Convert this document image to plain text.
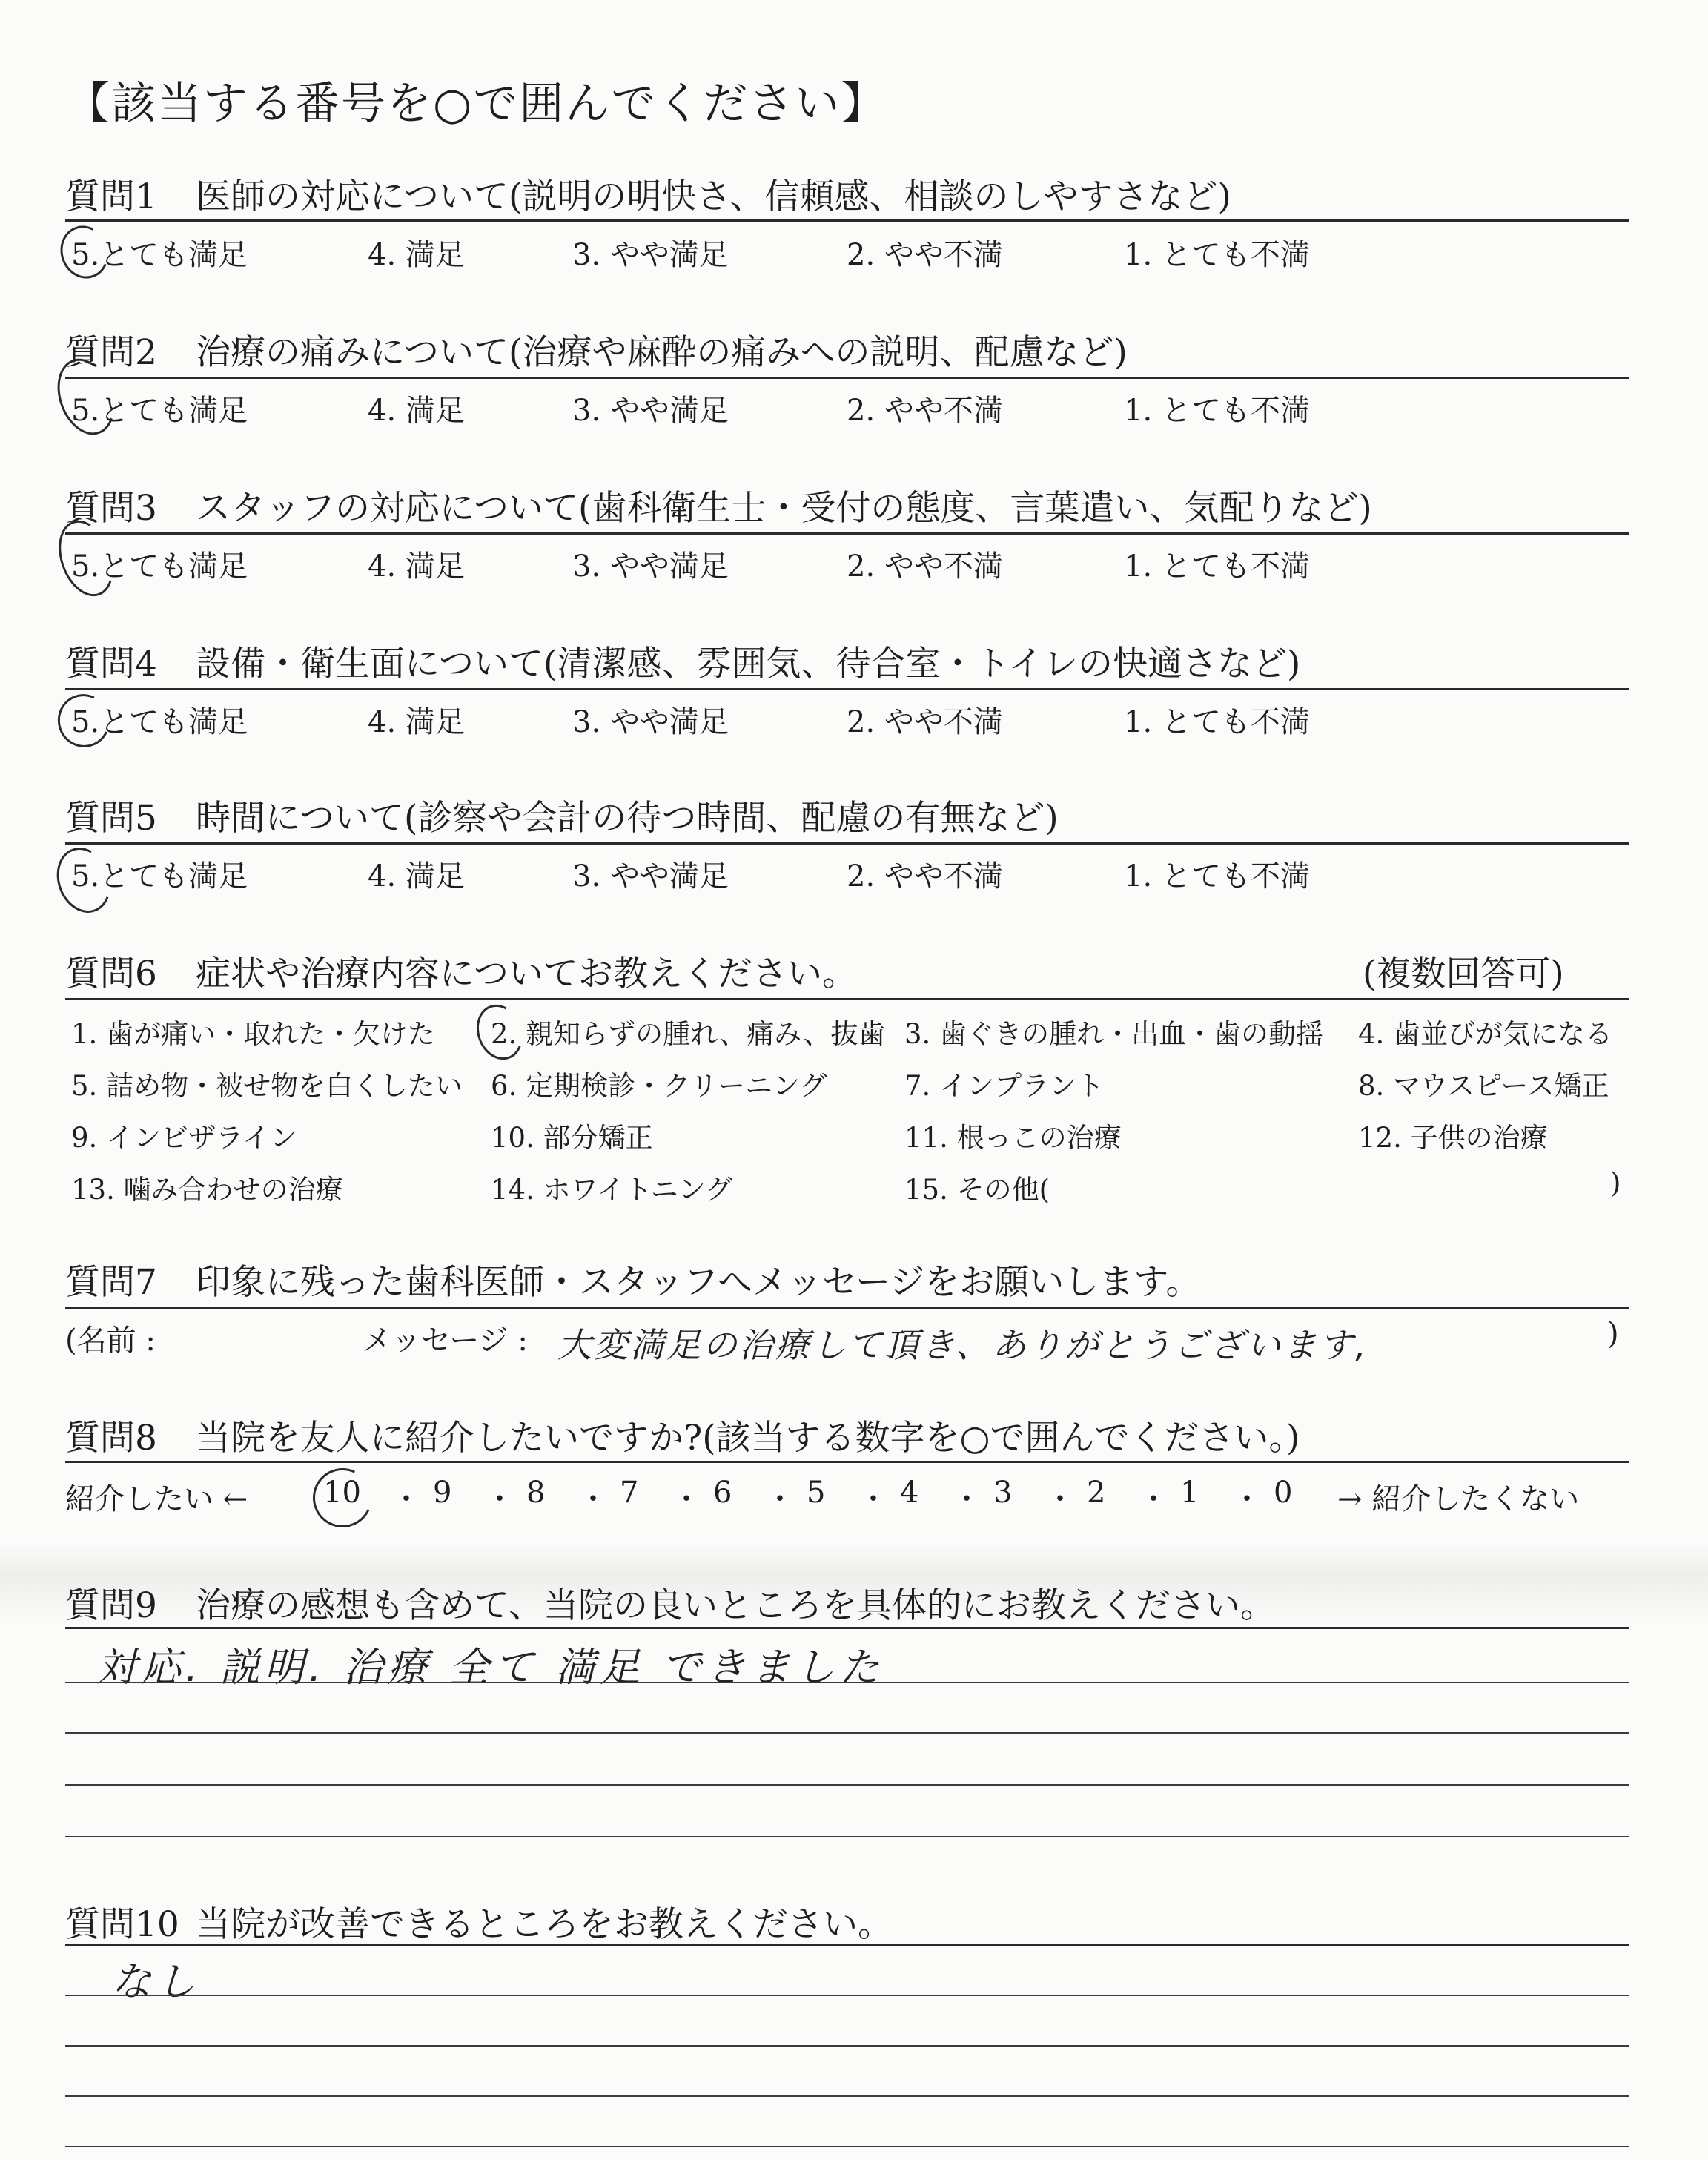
【該当する番号を○で囲んでください】
質問1 医師の対応について(説明の明快さ、信頼感、相談のしやすさなど)
5.とても満足	4. 満足	3. やや満足	2. やや不満	1. とても不満
質問2 治療の痛みについて(治療や麻酔の痛みへの説明、配慮など)
5.とても満足	4. 満足	3. やや満足	2. やや不満	1. とても不満
質問3 スタッフの対応について(歯科衛生士・受付の態度、言葉遣い、気配りなど)
5.とても満足	4. 満足	3. やや満足	2. やや不満	1. とても不満
質問4 設備・衛生面について(清潔感、雰囲気、待合室・トイレの快適さなど)
5.とても満足	4. 満足	3. やや満足	2. やや不満	1. とても不満
質問5 時間について(診察や会計の待つ時間、配慮の有無など)
5.とても満足	4. 満足	3. やや満足	2. やや不満	1. とても不満
質問6 症状や治療内容についてお教えください。	(複数回答可)
1. 歯が痛い・取れた・欠けた 2. 親知らずの腫れ、痛み、抜歯 3. 歯ぐきの腫れ・出血・歯の動揺 4. 歯並びが気になる
5. 詰め物・被せ物を白くしたい 6. 定期検診・クリーニング	7. インプラント	8. マウスピース矯正
9. インビザライン	10. 部分矯正	11. 根っこの治療	12. 子供の治療
13. 噛み合わせの治療	14. ホワイトニング	15. その他(	)
質問7 印象に残った歯科医師・スタッフへメッセージをお願いします。
(名前 :	メッセージ : 大変満足の治療して頂き、ありがとうございます,	)
質問8 当院を友人に紹介したいですか?(該当する数字を○で囲んでください。)
紹介したい ←	10 ・ 9 ・ 8 ・ 7 ・ 6 ・ 5 ・ 4 ・ 3 ・ 2 ・ 1 ・ 0 → 紹介したくない
質問9 治療の感想も含めて、当院の良いところを具体的にお教えください。
対応. 説明. 治療 全て 満足 できました
質問10 当院が改善できるところをお教えください。
なし
